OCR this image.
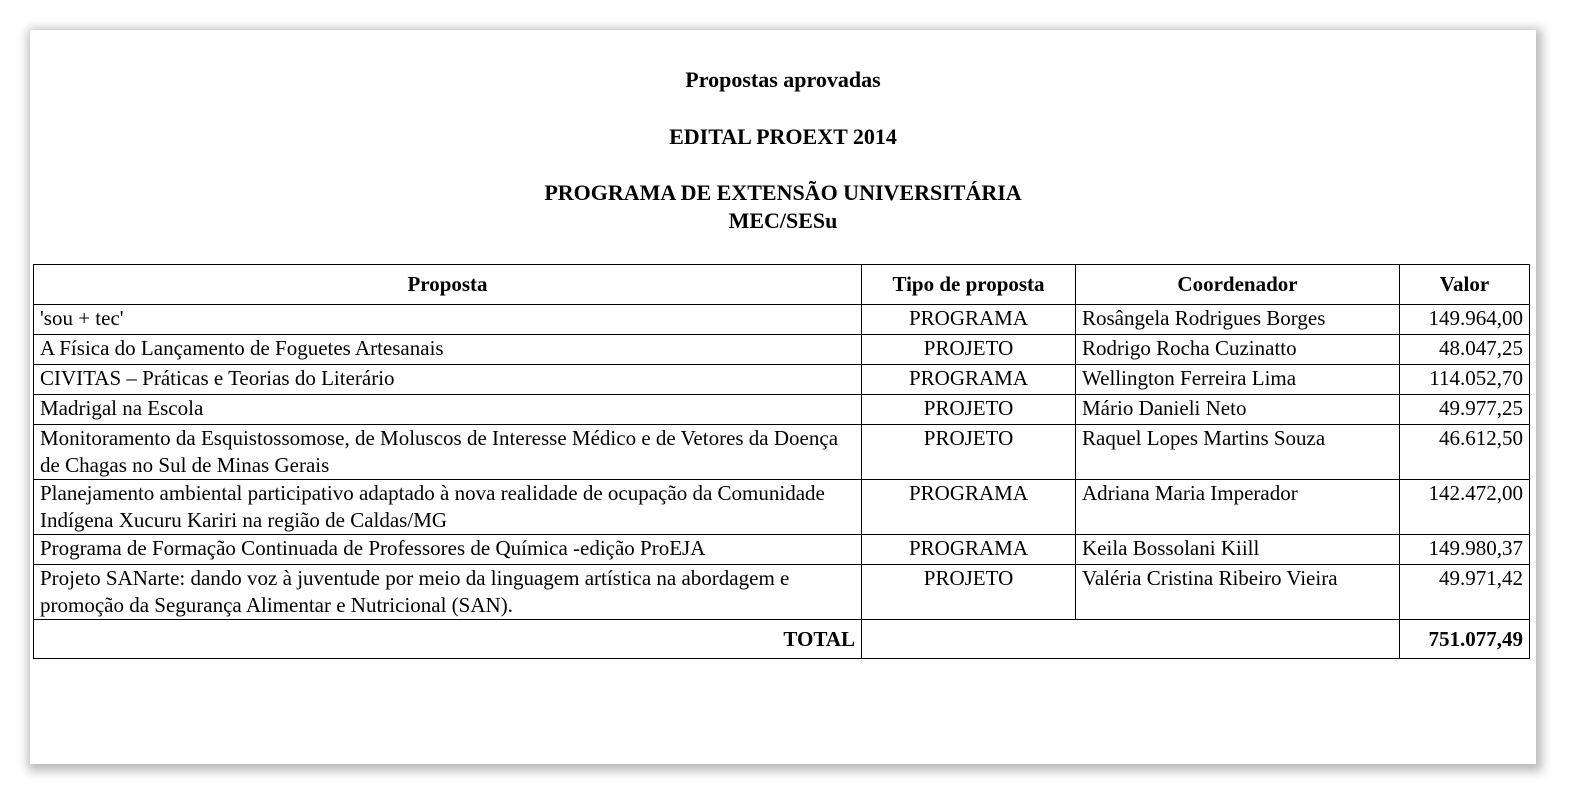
Propostas aprovadas
EDITAL PROEXT 2014
PROGRAMA DE EXTENSÃO UNIVERSITÁRIA
MEC/SESu
Proposta	Tipo de proposta	Coordenador	Valor
'sou + tec'	PROGRAMA	Rosângela Rodrigues Borges	149.964,00
A Física do Lançamento de Foguetes Artesanais	PROJETO	Rodrigo Rocha Cuzinatto	48.047,25
CIVITAS – Práticas e Teorias do Literário	PROGRAMA	Wellington Ferreira Lima	114.052,70
Madrigal na Escola	PROJETO	Mário Danieli Neto	49.977,25
Monitoramento da Esquistossomose, de Moluscos de Interesse Médico e de Vetores da Doença de Chagas no Sul de Minas Gerais	PROJETO	Raquel Lopes Martins Souza	46.612,50
Planejamento ambiental participativo adaptado à nova realidade de ocupação da Comunidade Indígena Xucuru Kariri na região de Caldas/MG	PROGRAMA	Adriana Maria Imperador	142.472,00
Programa de Formação Continuada de Professores de Química -edição ProEJA	PROGRAMA	Keila Bossolani Kiill	149.980,37
Projeto SANarte: dando voz à juventude por meio da linguagem artística na abordagem e promoção da Segurança Alimentar e Nutricional (SAN).	PROJETO	Valéria Cristina Ribeiro Vieira	49.971,42
TOTAL			751.077,49
